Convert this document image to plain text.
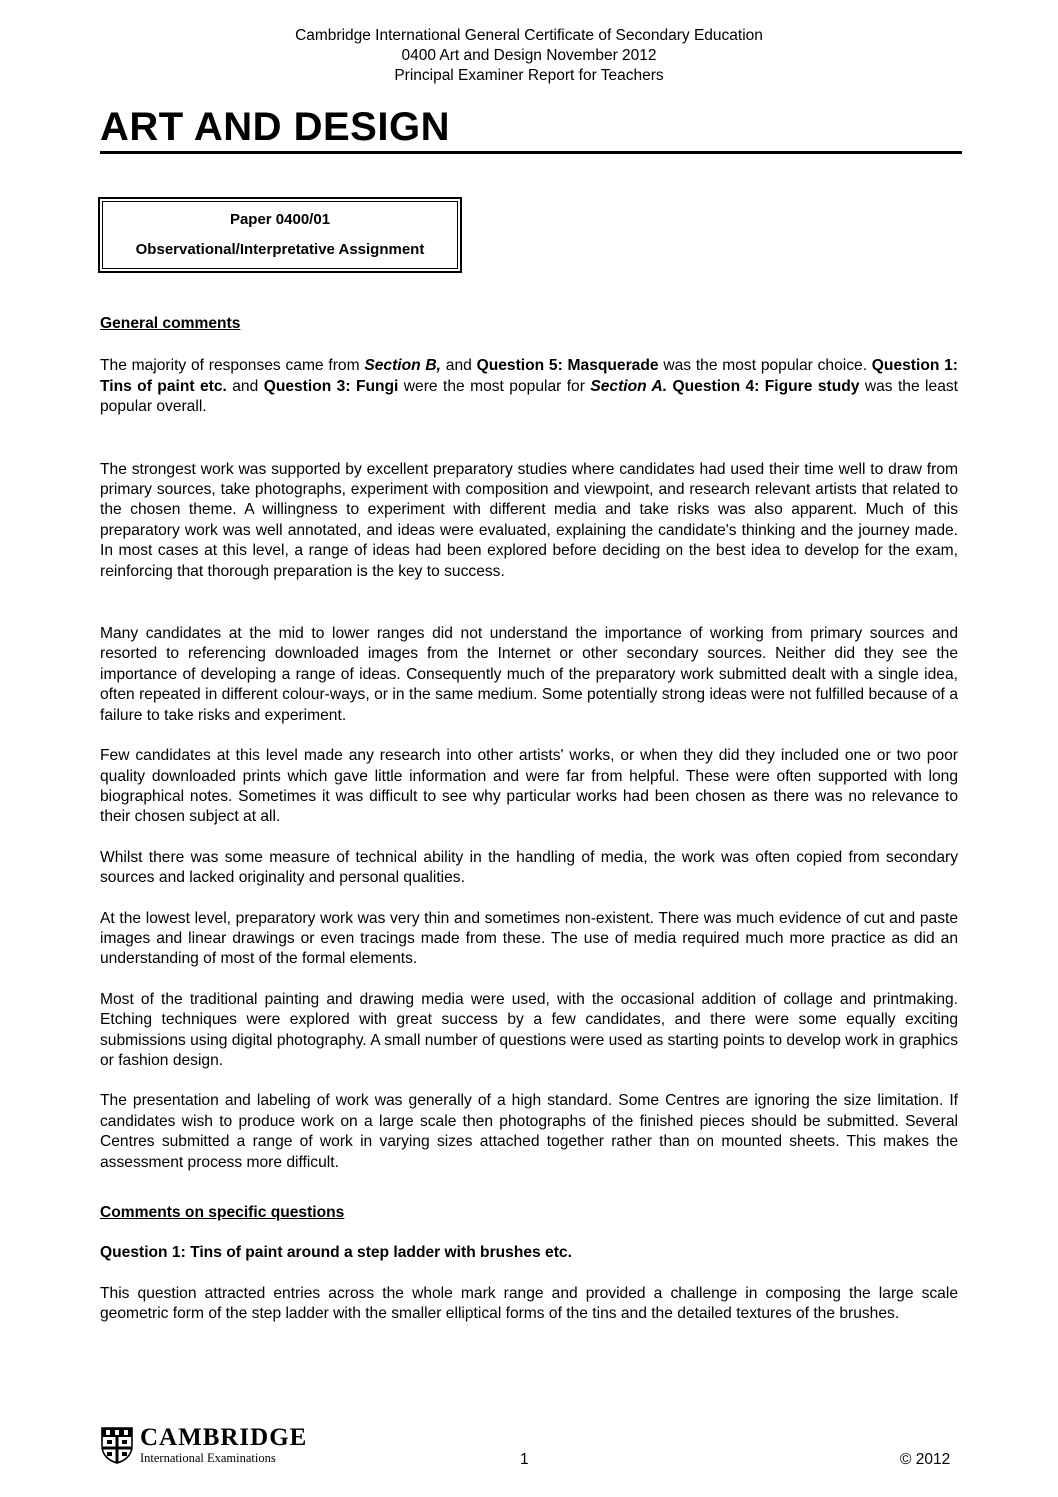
Cambridge International General Certificate of Secondary Education
0400 Art and Design November 2012
Principal Examiner Report for Teachers
ART AND DESIGN
Paper 0400/01
Observational/Interpretative Assignment

General comments

The majority of responses came from Section B, and Question 5: Masquerade was the most popular choice. Question 1: Tins of paint etc. and Question 3: Fungi were the most popular for Section A. Question 4: Figure study was the least popular overall.

The strongest work was supported by excellent preparatory studies where candidates had used their time well to draw from primary sources, take photographs, experiment with composition and viewpoint, and research relevant artists that related to the chosen theme. A willingness to experiment with different media and take risks was also apparent. Much of this preparatory work was well annotated, and ideas were evaluated, explaining the candidate's thinking and the journey made. In most cases at this level, a range of ideas had been explored before deciding on the best idea to develop for the exam, reinforcing that thorough preparation is the key to success.

Many candidates at the mid to lower ranges did not understand the importance of working from primary sources and resorted to referencing downloaded images from the Internet or other secondary sources. Neither did they see the importance of developing a range of ideas. Consequently much of the preparatory work submitted dealt with a single idea, often repeated in different colour-ways, or in the same medium. Some potentially strong ideas were not fulfilled because of a failure to take risks and experiment.

Few candidates at this level made any research into other artists' works, or when they did they included one or two poor quality downloaded prints which gave little information and were far from helpful. These were often supported with long biographical notes. Sometimes it was difficult to see why particular works had been chosen as there was no relevance to their chosen subject at all.

Whilst there was some measure of technical ability in the handling of media, the work was often copied from secondary sources and lacked originality and personal qualities.

At the lowest level, preparatory work was very thin and sometimes non-existent. There was much evidence of cut and paste images and linear drawings or even tracings made from these. The use of media required much more practice as did an understanding of most of the formal elements.

Most of the traditional painting and drawing media were used, with the occasional addition of collage and printmaking. Etching techniques were explored with great success by a few candidates, and there were some equally exciting submissions using digital photography. A small number of questions were used as starting points to develop work in graphics or fashion design.

The presentation and labeling of work was generally of a high standard. Some Centres are ignoring the size limitation. If candidates wish to produce work on a large scale then photographs of the finished pieces should be submitted. Several Centres submitted a range of work in varying sizes attached together rather than on mounted sheets. This makes the assessment process more difficult.

Comments on specific questions

Question 1: Tins of paint around a step ladder with brushes etc.

This question attracted entries across the whole mark range and provided a challenge in composing the large scale geometric form of the step ladder with the smaller elliptical forms of the tins and the detailed textures of the brushes.

CAMBRIDGE
International Examinations	1	© 2012
